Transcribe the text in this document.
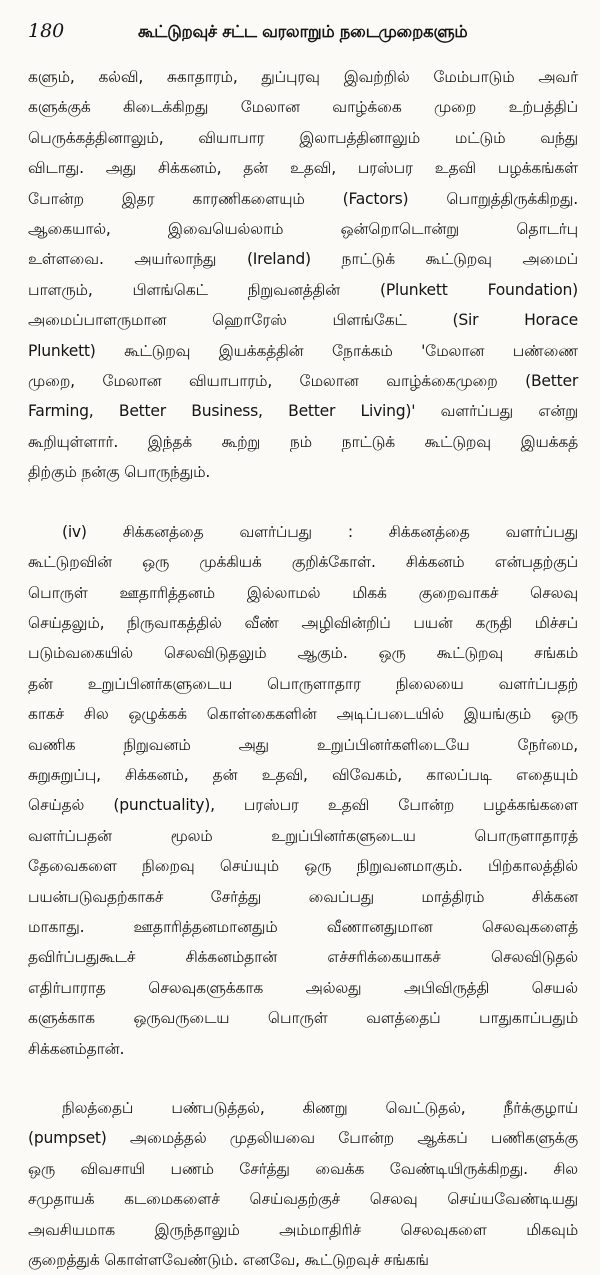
180	கூட்டுறவுச் சட்ட வரலாறும் நடைமுறைகளும்

களும், கல்வி, சுகாதாரம், துப்புரவு இவற்றில் மேம்பாடும் அவர்
களுக்குக் கிடைக்கிறது மேலான வாழ்க்கை முறை உற்பத்திப்
பெருக்கத்தினாலும், வியாபார இலாபத்தினாலும் மட்டும் வந்து
விடாது. அது சிக்கனம், தன் உதவி, பரஸ்பர உதவி பழக்கங்கள்
போன்ற இதர காரணிகளையும் (Factors) பொறுத்திருக்கிறது.
ஆகையால், இவையெல்லாம் ஒன்றொடொன்று தொடர்பு
உள்ளவை. அயர்லாந்து (Ireland) நாட்டுக் கூட்டுறவு அமைப்
பாளரும், பிளங்கெட் நிறுவனத்தின் (Plunkett Foundation)
அமைப்பாளருமான ஹொரேஸ் பிளங்கேட் (Sir Horace
Plunkett) கூட்டுறவு இயக்கத்தின் நோக்கம் 'மேலான பண்ணை
முறை, மேலான வியாபாரம், மேலான வாழ்க்கைமுறை (Better
Farming, Better Business, Better Living)' வளர்ப்பது என்று
கூறியுள்ளார். இந்தக் கூற்று நம் நாட்டுக் கூட்டுறவு இயக்கத்
திற்கும் நன்கு பொருந்தும்.

(iv) சிக்கனத்தை வளர்ப்பது : சிக்கனத்தை வளர்ப்பது
கூட்டுறவின் ஒரு முக்கியக் குறிக்கோள். சிக்கனம் என்பதற்குப்
பொருள் ஊதாரித்தனம் இல்லாமல் மிகக் குறைவாகச் செலவு
செய்தலும், நிருவாகத்தில் வீண் அழிவின்றிப் பயன் கருதி மிச்சப்
படும்வகையில் செலவிடுதலும் ஆகும். ஒரு கூட்டுறவு சங்கம்
தன் உறுப்பினர்களுடைய பொருளாதார நிலையை வளர்ப்பதற்
காகச் சில ஒழுக்கக் கொள்கைகளின் அடிப்படையில் இயங்கும் ஒரு
வணிக நிறுவனம் அது உறுப்பினர்களிடையே நேர்மை,
சுறுசுறுப்பு, சிக்கனம், தன் உதவி, விவேகம், காலப்படி எதையும்
செய்தல் (punctuality), பரஸ்பர உதவி போன்ற பழக்கங்களை
வளர்ப்பதன் மூலம் உறுப்பினர்களுடைய பொருளாதாரத்
தேவைகளை நிறைவு செய்யும் ஒரு நிறுவனமாகும். பிற்காலத்தில்
பயன்படுவதற்காகச் சேர்த்து வைப்பது மாத்திரம் சிக்கன
மாகாது. ஊதாரித்தனமானதும் வீணானதுமான செலவுகளைத்
தவிர்ப்பதுகூடச் சிக்கனம்தான் எச்சரிக்கையாகச் செலவிடுதல்
எதிர்பாராத செலவுகளுக்காக அல்லது அபிவிருத்தி செயல்
களுக்காக ஒருவருடைய பொருள் வளத்தைப் பாதுகாப்பதும்
சிக்கனம்தான்.

நிலத்தைப் பண்படுத்தல், கிணறு வெட்டுதல், நீர்க்குழாய்
(pumpset) அமைத்தல் முதலியவை போன்ற ஆக்கப் பணிகளுக்கு
ஒரு விவசாயி பணம் சேர்த்து வைக்க வேண்டியிருக்கிறது. சில
சமுதாயக் கடமைகளைச் செய்வதற்குச் செலவு செய்யவேண்டியது
அவசியமாக இருந்தாலும் அம்மாதிரிச் செலவுகளை மிகவும்
குறைத்துக் கொள்ளவேண்டும். எனவே, கூட்டுறவுச் சங்கங்
